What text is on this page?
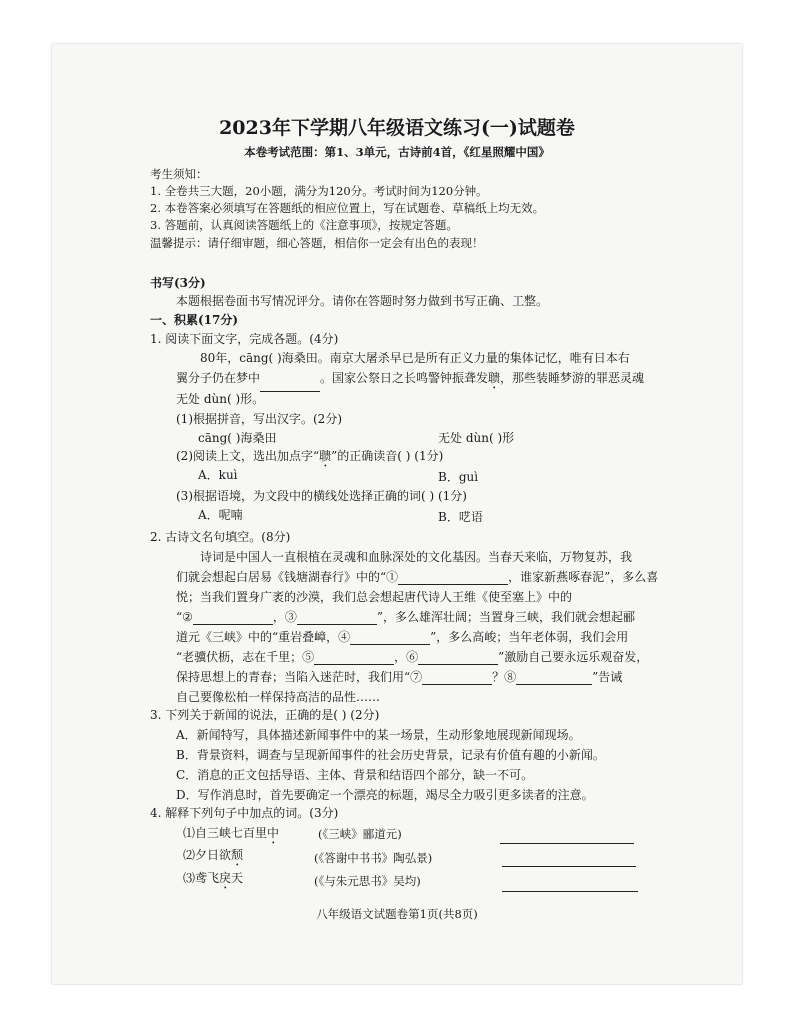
2023年下学期八年级语文练习(一)试题卷
本卷考试范围：第1、3单元，古诗前4首，《红星照耀中国》
考生须知：
1. 全卷共三大题，20小题，满分为120分。考试时间为120分钟。
2. 本卷答案必须填写在答题纸的相应位置上，写在试题卷、草稿纸上均无效。
3. 答题前，认真阅读答题纸上的《注意事项》，按规定答题。
温馨提示：请仔细审题，细心答题，相信你一定会有出色的表现！
书写(3分)
本题根据卷面书写情况评分。请你在答题时努力做到书写正确、工整。
一、积累(17分)
1. 阅读下面文字，完成各题。(4分)
80年，cāng( )海桑田。南京大屠杀早已是所有正义力量的集体记忆，唯有日本右
翼分子仍在梦中	。国家公祭日之长鸣警钟振聋发聩，那些装睡梦游的罪恶灵魂
无处 dùn( )形。
(1)根据拼音，写出汉字。(2分)
cāng( )海桑田	无处 dùn( )形
(2)阅读上文，选出加点字“聩”的正确读音( ) (1分)
A．kuì	B．guì
(3)根据语境，为文段中的横线处选择正确的词( ) (1分)
A．呢喃	B．呓语
2. 古诗文名句填空。(8分)
诗词是中国人一直根植在灵魂和血脉深处的文化基因。当春天来临，万物复苏，我
们就会想起白居易《钱塘湖春行》中的“①	，谁家新燕啄春泥”，多么喜
悦；当我们置身广袤的沙漠，我们总会想起唐代诗人王维《使至塞上》中的
“②	，③	”，多么雄浑壮阔；当置身三峡，我们就会想起郦
道元《三峡》中的“重岩叠嶂，④	”，多么高峻；当年老体弱，我们会用
“老骥伏枥，志在千里；⑤	，⑥	”激励自己要永远乐观奋发，
保持思想上的青春；当陷入迷茫时，我们用“⑦	？⑧	”告诫
自己要像松柏一样保持高洁的品性……
3. 下列关于新闻的说法，正确的是( ) (2分)
A．新闻特写，具体描述新闻事件中的某一场景，生动形象地展现新闻现场。
B．背景资料，调查与呈现新闻事件的社会历史背景，记录有价值有趣的小新闻。
C．消息的正文包括导语、主体、背景和结语四个部分，缺一不可。
D．写作消息时，首先要确定一个漂亮的标题，竭尽全力吸引更多读者的注意。
4. 解释下列句子中加点的词。(3分)
⑴自三峡七百里中	(《三峡》郦道元)
⑵夕日欲颓	(《答谢中书书》陶弘景)
⑶鸢飞戾天	(《与朱元思书》吴均)
八年级语文试题卷第1页(共8页)
